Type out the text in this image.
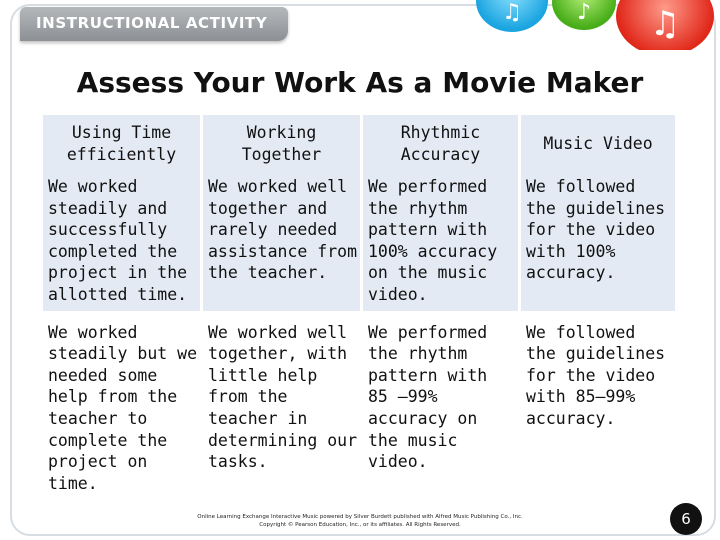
INSTRUCTIONAL ACTIVITY	♫	♪	♫
Assess Your Work As a Movie Maker
Using Time efficiently	Working Together	Rhythmic Accuracy	Music Video
We worked steadily and successfully completed the project in the allotted time.	We worked well together and rarely needed assistance from the teacher.	We performed the rhythm pattern with 100% accuracy on the music video.	We followed the guidelines for the video with 100% accuracy.
We worked steadily but we needed some help from the teacher to complete the project on time.	We worked well together, with little help from the teacher in determining our tasks.	We performed the rhythm pattern with 85 –99% accuracy on the music video.	We followed the guidelines for the video with 85–99% accuracy.
Online Learning Exchange Interactive Music powered by Silver Burdett published with Alfred Music Publishing Co., Inc.
Copyright © Pearson Education, Inc., or its affiliates. All Rights Reserved.	6
